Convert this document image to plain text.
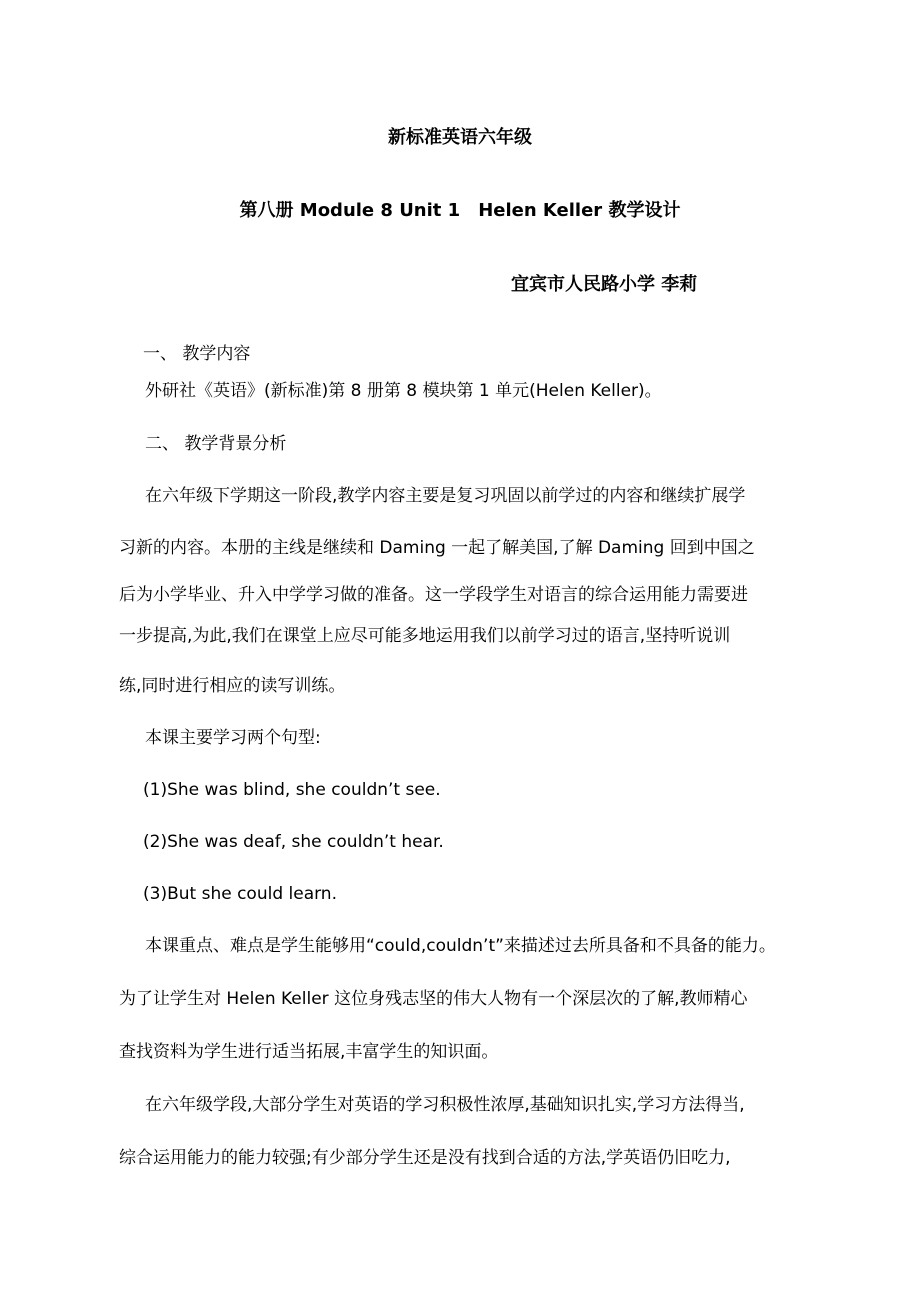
新标准英语六年级
第八册 Module 8 Unit 1　Helen Keller 教学设计
宜宾市人民路小学 李莉
一、 教学内容
外研社《英语》(新标准)第 8 册第 8 模块第 1 单元(Helen Keller)。
二、 教学背景分析
在六年级下学期这一阶段,教学内容主要是复习巩固以前学过的内容和继续扩展学
习新的内容。本册的主线是继续和 Daming 一起了解美国,了解 Daming 回到中国之
后为小学毕业、升入中学学习做的准备。这一学段学生对语言的综合运用能力需要进
一步提高,为此,我们在课堂上应尽可能多地运用我们以前学习过的语言,坚持听说训
练,同时进行相应的读写训练。
本课主要学习两个句型:
(1)She was blind, she couldn’t see.
(2)She was deaf, she couldn’t hear.
(3)But she could learn.
本课重点、难点是学生能够用“could,couldn’t”来描述过去所具备和不具备的能力。
为了让学生对 Helen Keller 这位身残志坚的伟大人物有一个深层次的了解,教师精心
查找资料为学生进行适当拓展,丰富学生的知识面。
在六年级学段,大部分学生对英语的学习积极性浓厚,基础知识扎实,学习方法得当,
综合运用能力的能力较强;有少部分学生还是没有找到合适的方法,学英语仍旧吃力,
